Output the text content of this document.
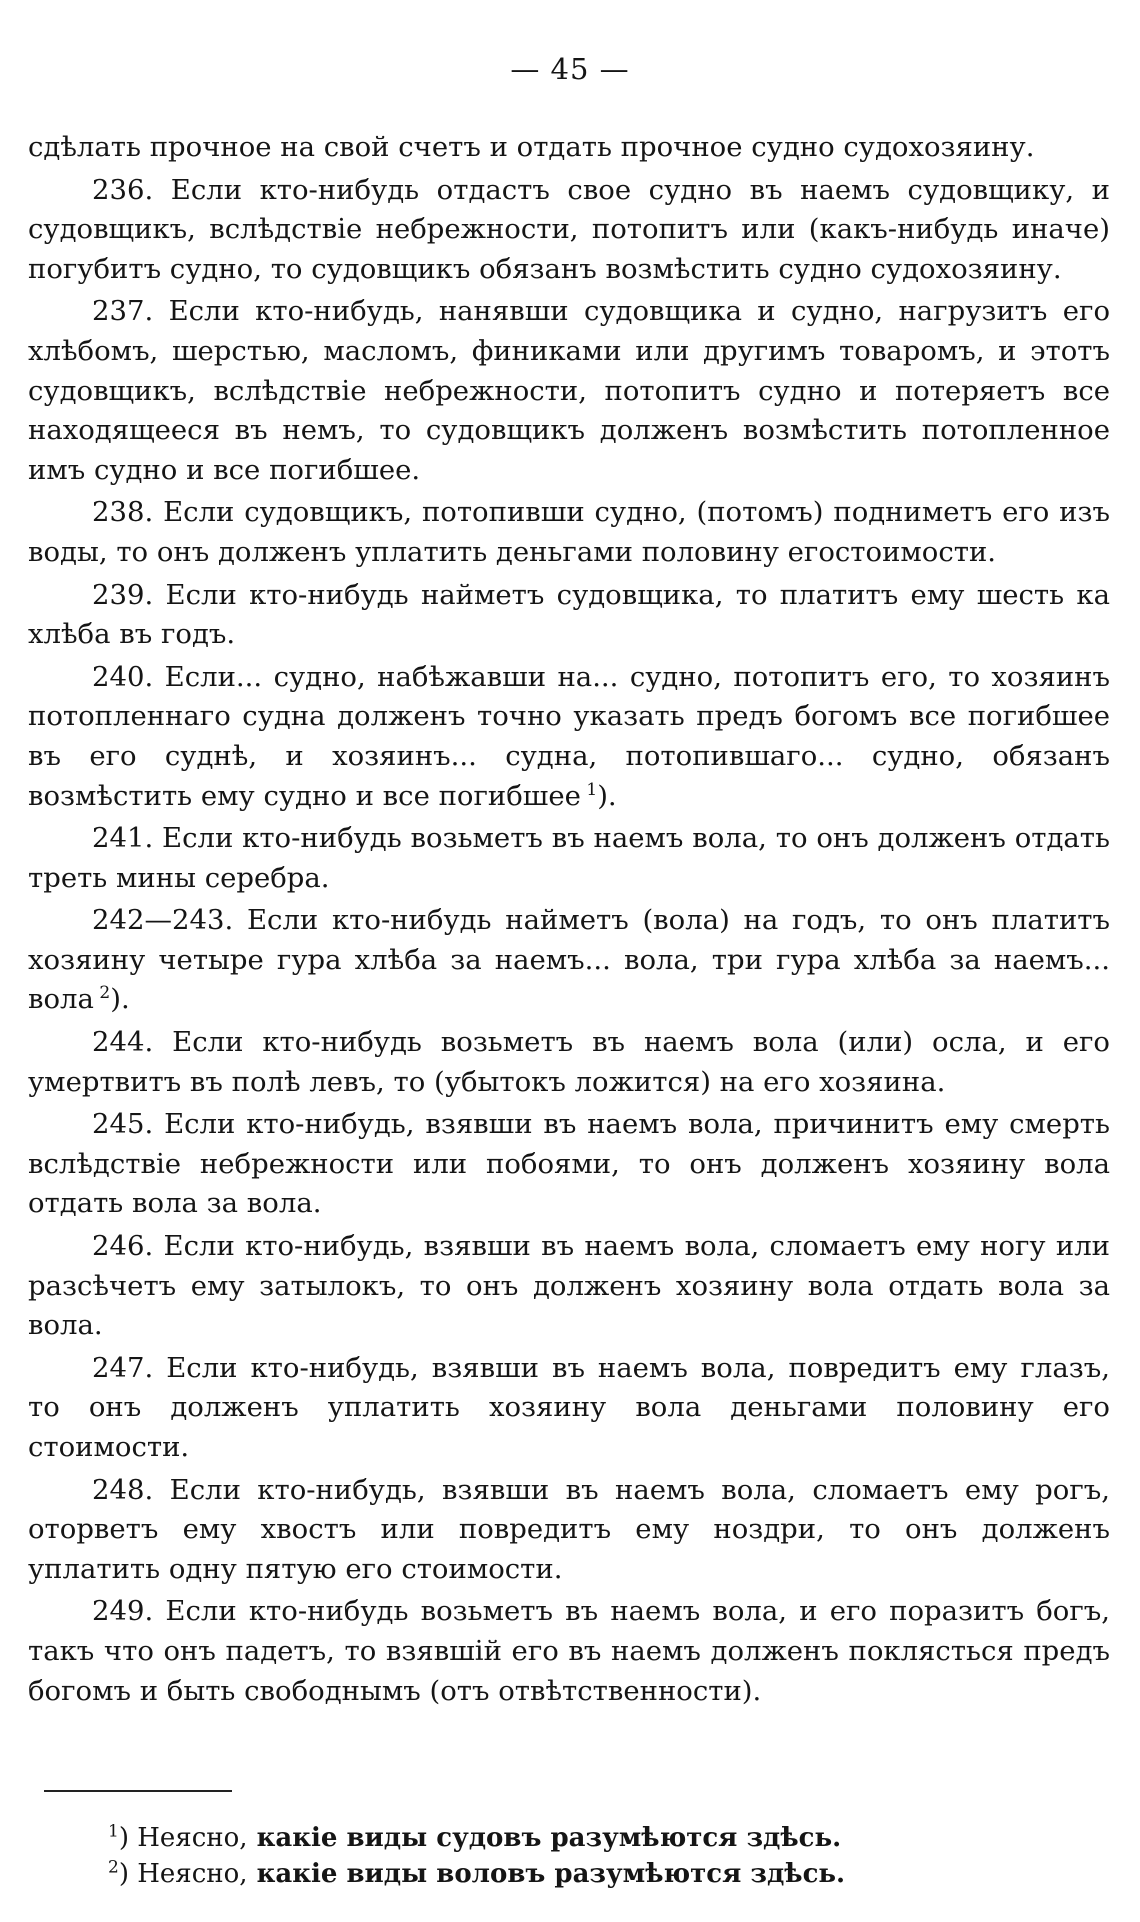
— 45 —

сдѣлать прочное на свой счетъ и отдать прочное судно судохозяину.

236. Если кто-нибудь отдастъ свое судно въ наемъ судовщику, и судовщикъ, вслѣдствіе небрежности, потопитъ или (какъ-нибудь иначе) погубитъ судно, то судовщикъ обязанъ возмѣстить судно судохозяину.

237. Если кто-нибудь, нанявши судовщика и судно, нагрузитъ его хлѣбомъ, шерстью, масломъ, финиками или другимъ товаромъ, и этотъ судовщикъ, вслѣдствіе небрежности, потопитъ судно и потеряетъ все находящееся въ немъ, то судовщикъ долженъ возмѣстить потопленное имъ судно и все погибшее.

238. Если судовщикъ, потопивши судно, (потомъ) подниметъ его изъ воды, то онъ долженъ уплатить деньгами половину егостоимости.

239. Если кто-нибудь найметъ судовщика, то платитъ ему шесть ка хлѣба въ годъ.

240. Если... судно, набѣжавши на... судно, потопитъ его, то хозяинъ потопленнаго судна долженъ точно указать предъ богомъ все погибшее въ его суднѣ, и хозяинъ... судна, потопившаго... судно, обязанъ возмѣстить ему судно и все погибшее  $^1$).

241. Если кто-нибудь возьметъ въ наемъ вола, то онъ долженъ отдать треть мины серебра.

242—243. Если кто-нибудь найметъ (вола) на годъ, то онъ платитъ хозяину четыре гура хлѣба за наемъ... вола, три гура хлѣба за наемъ... вола  $^2$).

244. Если кто-нибудь возьметъ въ наемъ вола (или) осла, и его умертвитъ въ полѣ левъ, то (убытокъ ложится) на его хозяина.

245. Если кто-нибудь, взявши въ наемъ вола, причинитъ ему смерть вслѣдствіе небрежности или побоями, то онъ долженъ хозяину вола отдать вола за вола.

246. Если кто-нибудь, взявши въ наемъ вола, сломаетъ ему ногу или разсѣчетъ ему затылокъ, то онъ долженъ хозяину вола отдать вола за вола.

247. Если кто-нибудь, взявши въ наемъ вола, повредитъ ему глазъ, то онъ долженъ уплатить хозяину вола деньгами половину его стоимости.

248. Если кто-нибудь, взявши въ наемъ вола, сломаетъ ему рогъ, оторветъ ему хвостъ или повредитъ ему ноздри, то онъ долженъ уплатить одну пятую его стоимости.

249. Если кто-нибудь возьметъ въ наемъ вола, и его поразитъ богъ, такъ что онъ падетъ, то взявшій его въ наемъ долженъ поклясться предъ богомъ и быть свободнымъ (отъ отвѣтственности).

$^1$) Неясно, какіе виды судовъ разумѣются здѣсь.

$^2$) Неясно, какіе виды воловъ разумѣются здѣсь.
